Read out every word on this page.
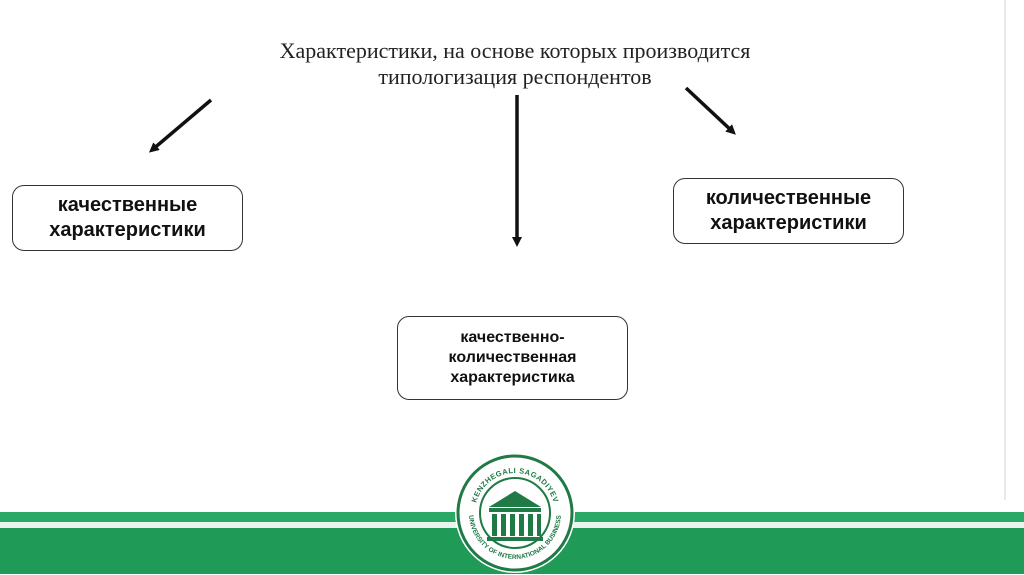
Характеристики, на основе которых производится
типологизация респондентов
качественные
характеристики
количественные
характеристики
качественно-
количественная
характеристика
KENZHEGALI SAGADIYEV
UNIVERSITY OF INTERNATIONAL BUSINESS
